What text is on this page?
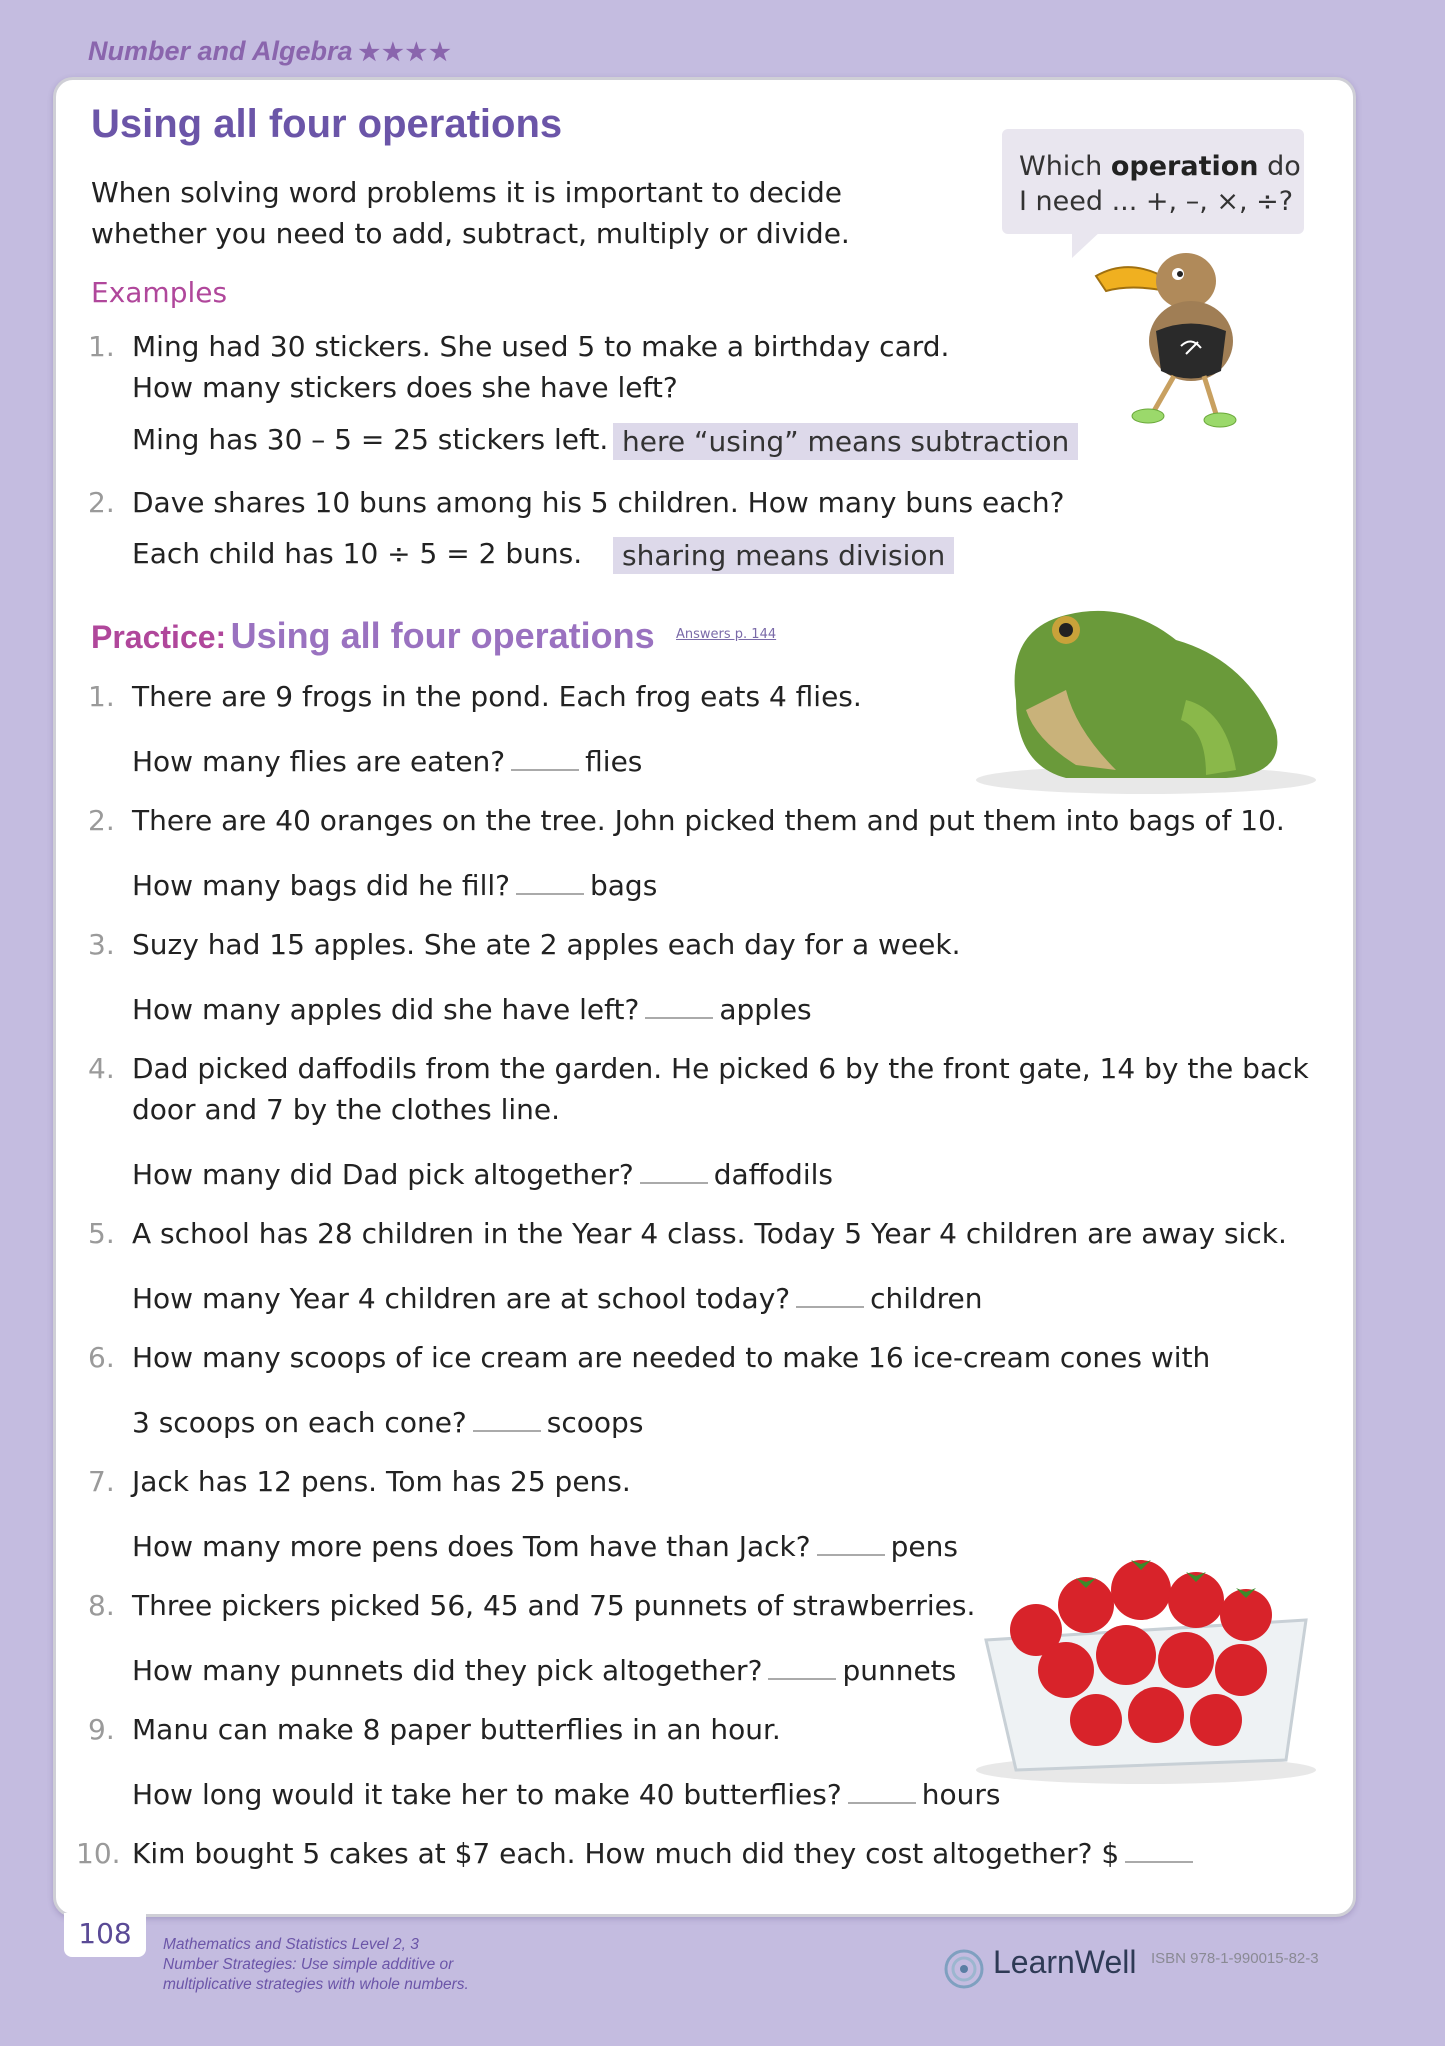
Number and Algebra ★★★★
Using all four operations
When solving word problems it is important to decide whether you need to add, subtract, multiply or divide.
Which operation do
I need ... +, –, ×, ÷?
Examples
1. Ming had 30 stickers. She used 5 to make a birthday card.
How many stickers does she have left?
Ming has 30 – 5 = 25 stickers left. here “using” means subtraction
2. Dave shares 10 buns among his 5 children. How many buns each?
Each child has 10 ÷ 5 = 2 buns.	sharing means division
Practice: Using all four operations Answers p. 144
1. There are 9 frogs in the pond. Each frog eats 4 flies.
How many flies are eaten?	flies
2. There are 40 oranges on the tree. John picked them and put them into bags of 10.
How many bags did he fill?	bags
3. Suzy had 15 apples. She ate 2 apples each day for a week.
How many apples did she have left?	apples
4. Dad picked daffodils from the garden. He picked 6 by the front gate, 14 by the back
door and 7 by the clothes line.
How many did Dad pick altogether?	daffodils
5. A school has 28 children in the Year 4 class. Today 5 Year 4 children are away sick.
How many Year 4 children are at school today?	children
6. How many scoops of ice cream are needed to make 16 ice-cream cones with
3 scoops on each cone?	scoops
7. Jack has 12 pens. Tom has 25 pens.
How many more pens does Tom have than Jack?	pens
8. Three pickers picked 56, 45 and 75 punnets of strawberries.
How many punnets did they pick altogether?	punnets
9. Manu can make 8 paper butterflies in an hour.
How long would it take her to make 40 butterflies?	hours
10. Kim bought 5 cakes at $7 each. How much did they cost altogether? $
108	Mathematics and Statistics Level 2, 3
Number Strategies: Use simple additive or
multiplicative strategies with whole numbers.
LearnWell ISBN 978-1-990015-82-3
